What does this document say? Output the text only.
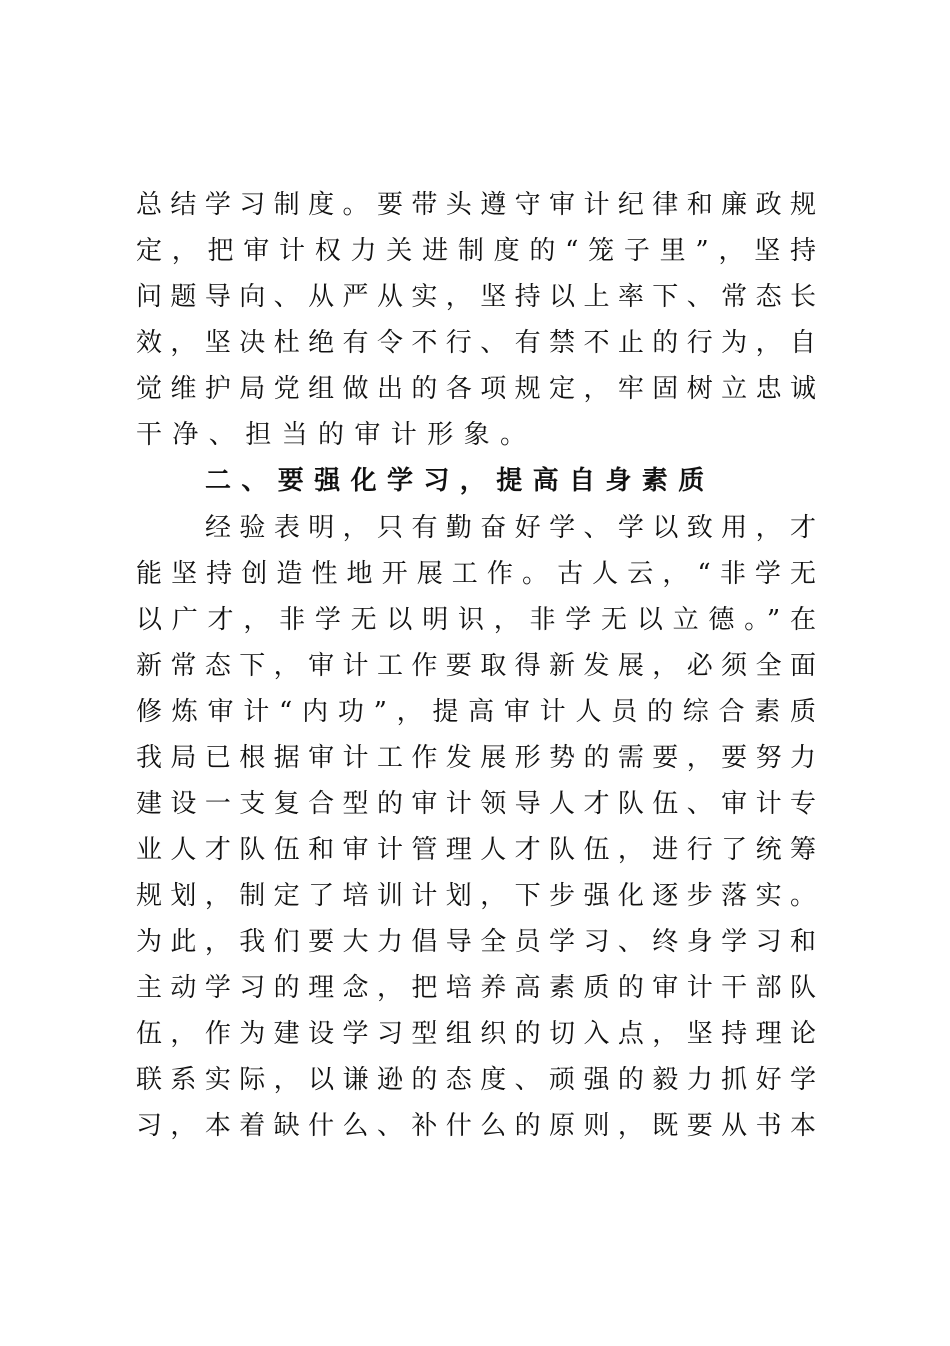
总结学习制度。要带头遵守审计纪律和廉政规
定，把审计权力关进制度的“笼子里”，坚持
问题导向、从严从实，坚持以上率下、常态长
效，坚决杜绝有令不行、有禁不止的行为，自
觉维护局党组做出的各项规定，牢固树立忠诚
干净、担当的审计形象。
二、要强化学习，提高自身素质
经验表明，只有勤奋好学、学以致用，才
能坚持创造性地开展工作。古人云，“非学无
以广才，非学无以明识，非学无以立德。”在
新常态下，审计工作要取得新发展，必须全面
修炼审计“内功”，提高审计人员的综合素质
我局已根据审计工作发展形势的需要，要努力
建设一支复合型的审计领导人才队伍、审计专
业人才队伍和审计管理人才队伍，进行了统筹
规划，制定了培训计划，下步强化逐步落实。
为此，我们要大力倡导全员学习、终身学习和
主动学习的理念，把培养高素质的审计干部队
伍，作为建设学习型组织的切入点，坚持理论
联系实际，以谦逊的态度、顽强的毅力抓好学
习，本着缺什么、补什么的原则，既要从书本
